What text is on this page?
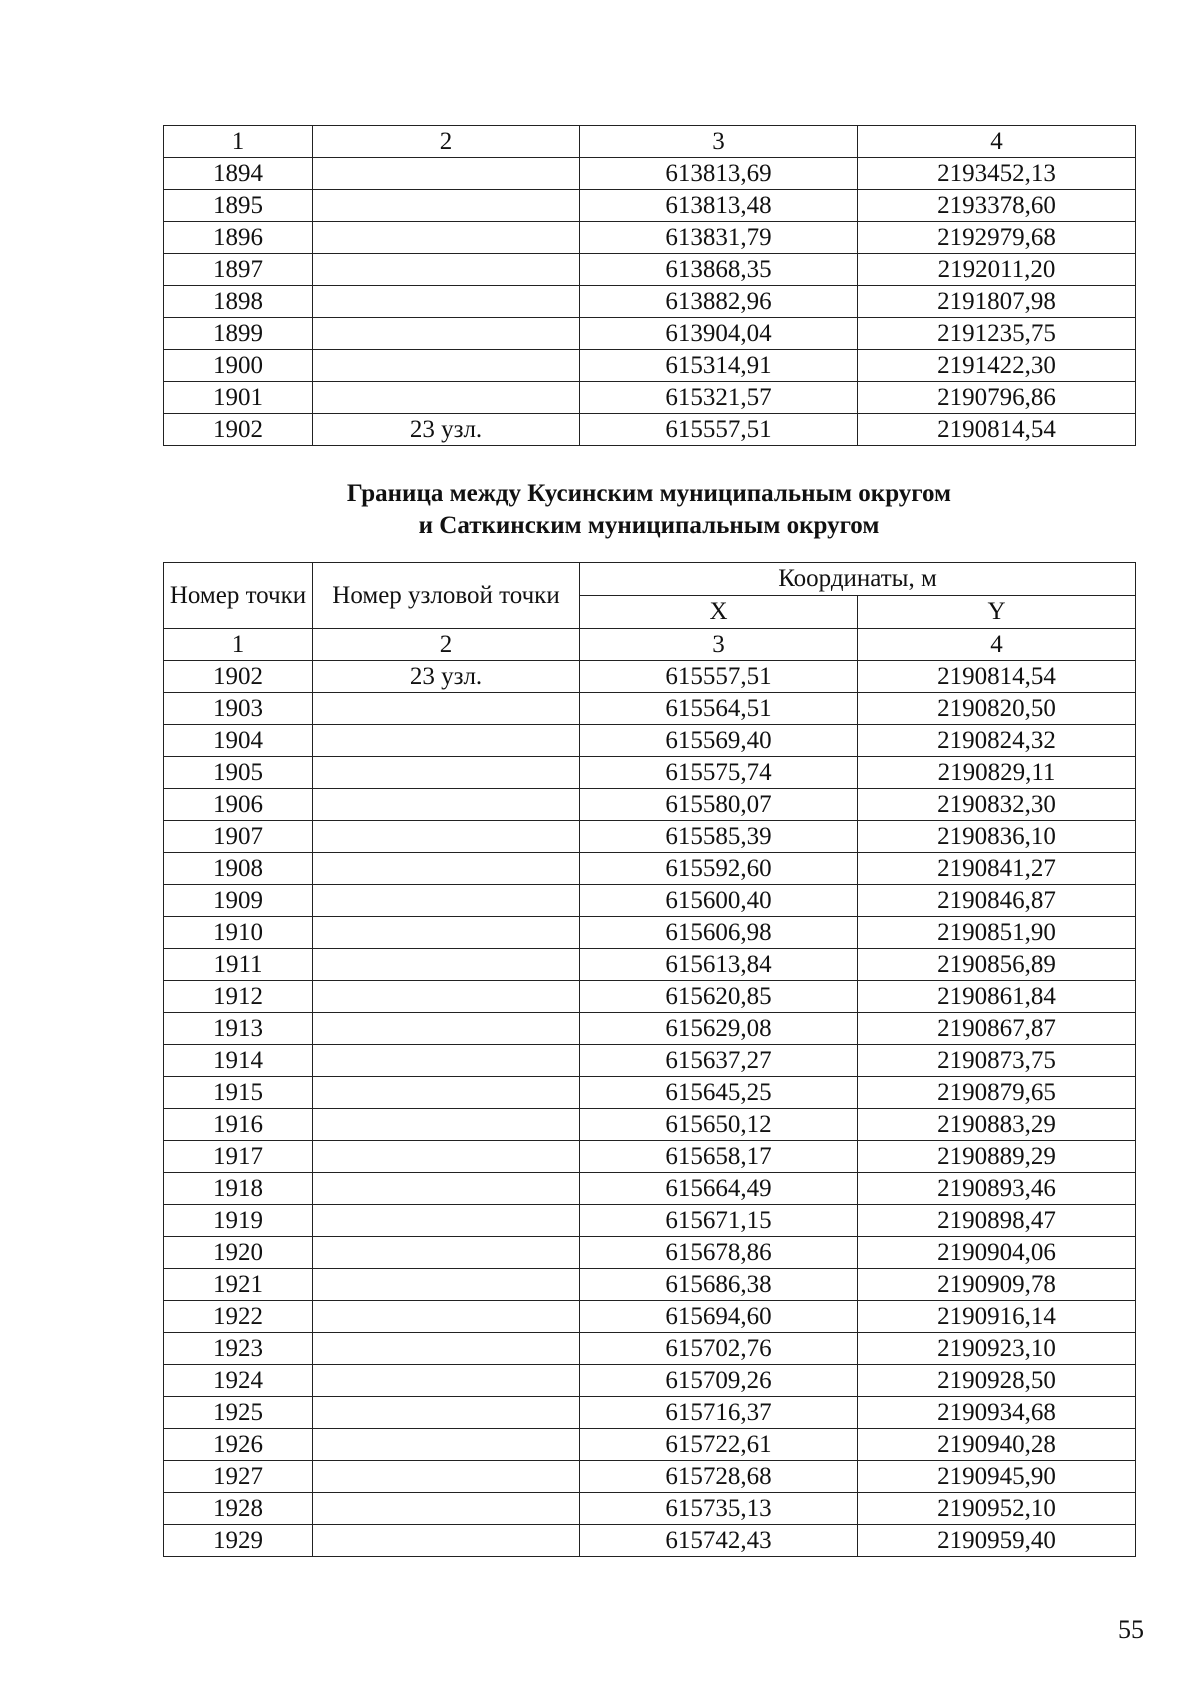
1	2	3	4
1894		613813,69	2193452,13
1895		613813,48	2193378,60
1896		613831,79	2192979,68
1897		613868,35	2192011,20
1898		613882,96	2191807,98
1899		613904,04	2191235,75
1900		615314,91	2191422,30
1901		615321,57	2190796,86
1902	23 узл.	615557,51	2190814,54
Граница между Кусинским муниципальным округом
и Саткинским муниципальным округом
Номер точки	Номер узловой точки	Координаты, м	
		X	Y
1	2	3	4
1902	23 узл.	615557,51	2190814,54
1903		615564,51	2190820,50
1904		615569,40	2190824,32
1905		615575,74	2190829,11
1906		615580,07	2190832,30
1907		615585,39	2190836,10
1908		615592,60	2190841,27
1909		615600,40	2190846,87
1910		615606,98	2190851,90
1911		615613,84	2190856,89
1912		615620,85	2190861,84
1913		615629,08	2190867,87
1914		615637,27	2190873,75
1915		615645,25	2190879,65
1916		615650,12	2190883,29
1917		615658,17	2190889,29
1918		615664,49	2190893,46
1919		615671,15	2190898,47
1920		615678,86	2190904,06
1921		615686,38	2190909,78
1922		615694,60	2190916,14
1923		615702,76	2190923,10
1924		615709,26	2190928,50
1925		615716,37	2190934,68
1926		615722,61	2190940,28
1927		615728,68	2190945,90
1928		615735,13	2190952,10
1929		615742,43	2190959,40
55
